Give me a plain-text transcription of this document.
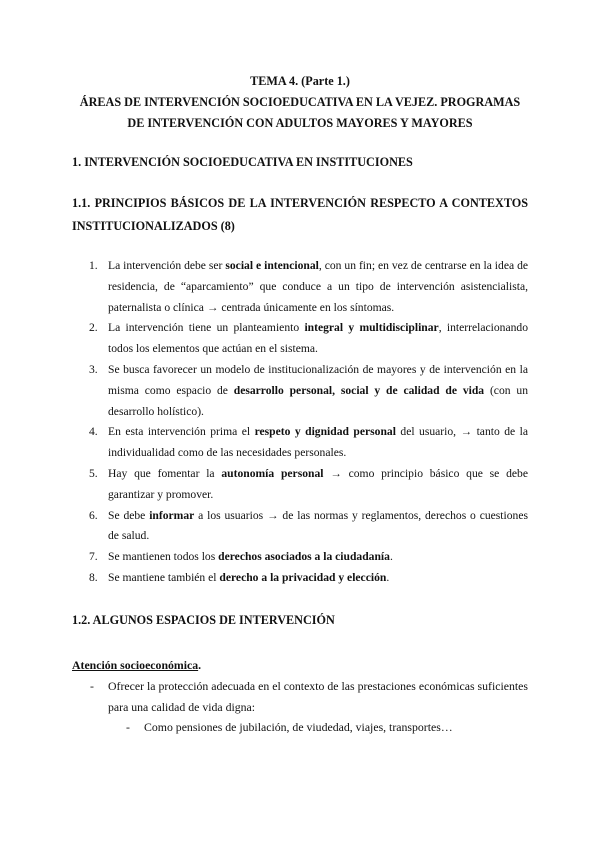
TEMA 4. (Parte 1.)
ÁREAS DE INTERVENCIÓN SOCIOEDUCATIVA EN LA VEJEZ. PROGRAMAS
DE INTERVENCIÓN CON ADULTOS MAYORES Y MAYORES
1. INTERVENCIÓN SOCIOEDUCATIVA EN INSTITUCIONES
1.1. PRINCIPIOS BÁSICOS DE LA INTERVENCIÓN RESPECTO A CONTEXTOS
INSTITUCIONALIZADOS (8)
1. La intervención debe ser social e intencional, con un fin; en vez de centrarse en la idea de residencia, de “aparcamiento” que conduce a un tipo de intervención asistencialista, paternalista o clínica → centrada únicamente en los síntomas.
2. La intervención tiene un planteamiento integral y multidisciplinar, interrelacionando todos los elementos que actúan en el sistema.
3. Se busca favorecer un modelo de institucionalización de mayores y de intervención en la misma como espacio de desarrollo personal, social y de calidad de vida (con un desarrollo holístico).
4. En esta intervención prima el respeto y dignidad personal del usuario, → tanto de la individualidad como de las necesidades personales.
5. Hay que fomentar la autonomía personal → como principio básico que se debe garantizar y promover.
6. Se debe informar a los usuarios → de las normas y reglamentos, derechos o cuestiones de salud.
7. Se mantienen todos los derechos asociados a la ciudadanía.
8. Se mantiene también el derecho a la privacidad y elección.
1.2. ALGUNOS ESPACIOS DE INTERVENCIÓN
Atención socioeconómica.
- Ofrecer la protección adecuada en el contexto de las prestaciones económicas suficientes para una calidad de vida digna:
- Como pensiones de jubilación, de viudedad, viajes, transportes…
